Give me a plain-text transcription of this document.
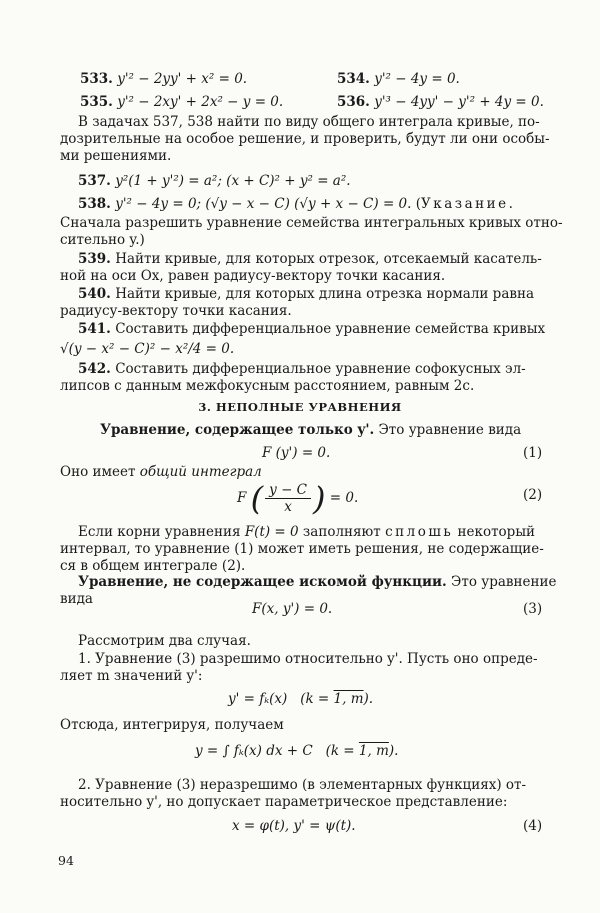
533. y'² − 2yy' + x² = 0.	534. y'² − 4y = 0.
535. y'² − 2xy' + 2x² − y = 0.	536. y'³ − 4yy' − y'² + 4y = 0.
В задачах 537, 538 найти по виду общего интеграла кривые, по-
дозрительные на особое решение, и проверить, будут ли они особы-
ми решениями.
537. y²(1 + y'²) = a²; (x + C)² + y² = a².
538. y'² − 4y = 0; (√y − x − C) (√y + x − C) = 0. (Указание.
Сначала разрешить уравнение семейства интегральных кривых отно-
сительно y.)
539. Найти кривые, для которых отрезок, отсекаемый касатель-
ной на оси Ox, равен радиусу-вектору точки касания.
540. Найти кривые, для которых длина отрезка нормали равна
радиусу-вектору точки касания.
541. Составить дифференциальное уравнение семейства кривых
√(y − x² − C)² − x²/4 = 0.
542. Составить дифференциальное уравнение софокусных эл-
липсов с данным межфокусным расстоянием, равным 2c.
3. НЕПОЛНЫЕ УРАВНЕНИЯ
Уравнение, содержащее только y'. Это уравнение вида
F (y') = 0.	(1)
Оно имеет общий интеграл
F ( $\frac{y - C}{x}$ ) = 0.	(2)
Если корни уравнения F(t) = 0 заполняют сплошь некоторый
интервал, то уравнение (1) может иметь решения, не содержащие-
ся в общем интеграле (2).
Уравнение, не содержащее искомой функции. Это уравнение
вида
F(x, y') = 0.	(3)
Рассмотрим два случая.
1. Уравнение (3) разрешимо относительно y'. Пусть оно опреде-
ляет m значений y':
y' = fₖ(x) (k = 1, m).
Отсюда, интегрируя, получаем
y = ∫ fₖ(x) dx + C (k = 1, m).
2. Уравнение (3) неразрешимо (в элементарных функциях) от-
носительно y', но допускает параметрическое представление:
x = φ(t), y' = ψ(t).	(4)
94
